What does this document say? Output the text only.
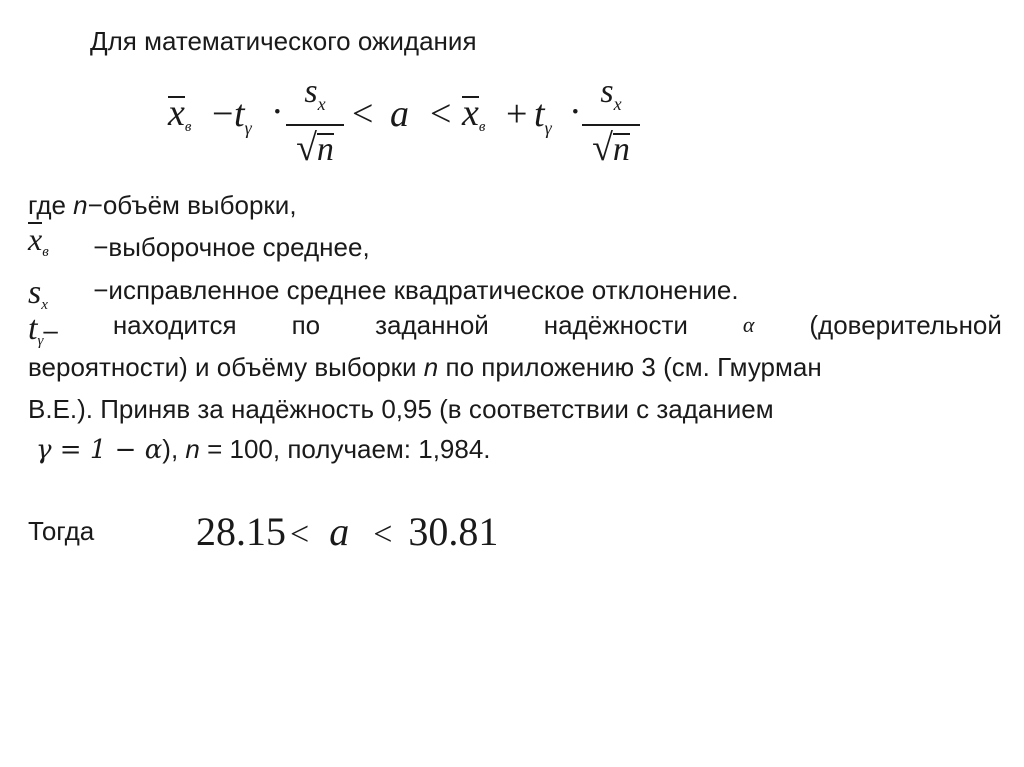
Для математического ожидания
xв − $t\gamma \cdot s_x$
√n
< a < xв + $t\gamma \cdot s_x$
√n
где n−объём выборки,
$x_в$ −выборочное среднее,
$s_x$ −исправленное среднее квадратическое отклонение.
tγ– находится по заданной надёжности α (доверительной
вероятности) и объёму выборки n по приложению 3 (см. Гмурман
В.Е.). Приняв за надёжность 0,95 (в соответствии с заданием
γ = 1 − α), n = 100, получаем: 1,984.
Тогда	28.15 < a < 30.81
